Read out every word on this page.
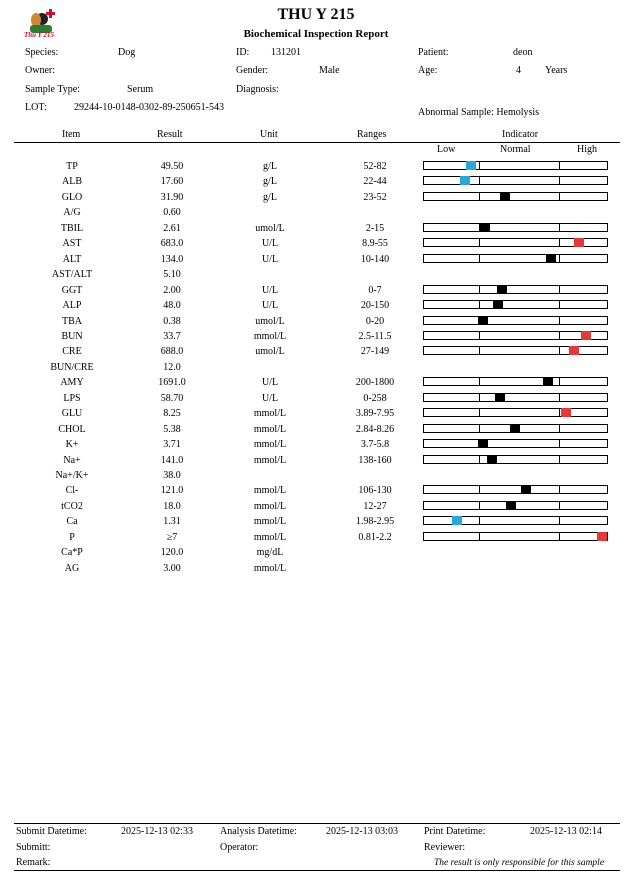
Thu Y 215
THU Y 215
Biochemical Inspection Report
Species:	Dog	ID: 131201	Patient:	deon
Owner:	Gender:	Male	Age:	4 Years
Sample Type:	Serum	Diagnosis:
LOT:	29244-10-0148-0302-89-250651-543	Abnormal Sample: Hemolysis
Item	Result	Unit	Ranges	Indicator
Low	Normal	High
TP	49.50	g/L	52-82
ALB	17.60	g/L	22-44
GLO	31.90	g/L	23-52
A/G	0.60
TBIL	2.61	umol/L	2-15
AST	683.0	U/L	8.9-55
ALT	134.0	U/L	10-140
AST/ALT	5.10
GGT	2.00	U/L	0-7
ALP	48.0	U/L	20-150
TBA	0.38	umol/L	0-20
BUN	33.7	mmol/L	2.5-11.5
CRE	688.0	umol/L	27-149
BUN/CRE	12.0
AMY	1691.0	U/L	200-1800
LPS	58.70	U/L	0-258
GLU	8.25	mmol/L	3.89-7.95
CHOL	5.38	mmol/L	2.84-8.26
K+	3.71	mmol/L	3.7-5.8
Na+	141.0	mmol/L	138-160
Na+/K+	38.0
Cl-	121.0	mmol/L	106-130
tCO2	18.0	mmol/L	12-27
Ca	1.31	mmol/L	1.98-2.95
P	≥7	mmol/L	0.81-2.2
Ca*P	120.0	mg/dL
AG	3.00	mmol/L
Submit Datetime:	2025-12-13 02:33	Analysis Datetime:	2025-12-13 03:03	Print Datetime:	2025-12-13 02:14
Submitt:	Operator:	Reviewer:
Remark:	The result is only responsible for this sample
